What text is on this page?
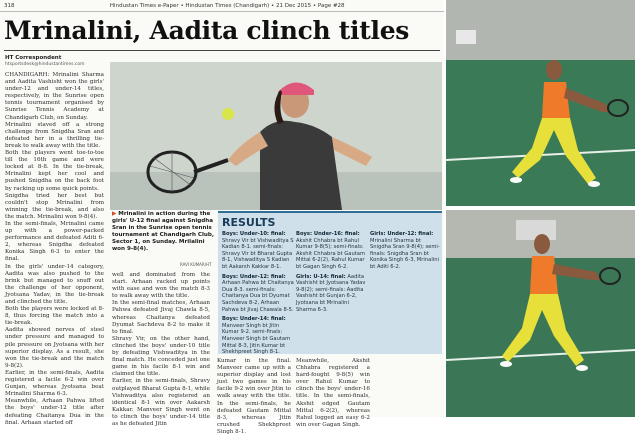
318	Hindustan Times e-Paper • Hindustan Times (Chandigarh) • 21 Dec 2015 • Page #28
Mrinalini, Aadita clinch titles
HT Correspondent
htsportsdesk@hindustantimes.com

CHANDIGARH: Mrinalini Sharma and Aadita Vashisht won the girls' under-12 and under-14 titles, respectively, in the Sunrise open tennis tournament organised by Sunrise Tennis Academy at Chandigarh Club, on Sunday.

Mrinalini staved off a strong challenge from Snigdha Sran and defeated her in a thrilling tie-break to walk away with the title.

Both the players went toe-to-toe till the 16th game and were locked at 8-8. In the tie-break, Mrinalini kept her cool and pushed Snigdha on the back foot by racking up some quick points.

Snigdha tried her best but couldn't stop Mrinalini from winning the tie-break, and also the match. Mrinalini won 9-8(4).

In the semi-finals, Mrinalini came up with a power-packed performance and defeated Aditi 6-2, whereas Snigdha defeated Konika Singh 6-3 to enter the final.

In the girls' under-14 category, Aadita was also pushed to the brink but managed to snuff out the challenge of her opponent, Jyotsana Yadav, in the tie-break and clinched the title.

Both the players were locked at 8-8, thus forcing the match into a tie-break.

Aadita showed nerves of steel under pressure and managed to pile pressure on Jyotsana with her superior display. As a result, she won the tie-break and the match 9-8(2).

Earlier, in the semi-finals, Aadita registered a facile 6-2 win over Gunjan, whereas Jyotsana beat Mrinalini Sharma 6-3.

Meanwhile, Arhaan Pahwa lifted the boys' under-12 title after defeating Chaitanya Dua in the final. Arhaan started off

▶ Mrinalini in action during the girls' U-12 final against Snigdha Sran in the Sunrise open tennis tournament at Chandigarh Club, Sector 1, on Sunday. Mrilalini won 9-8(4).
RAVI KUMAR/HT

well and dominated from the start. Arhaan racked up points with ease and won the match 8-3 to walk away with the title.

In the semi-final matches, Arhaan Pahwa defeated Jivaj Chawla 8-5, whereas Chaitanya defeated Dyumat Sachdeva 8-2 to make it to final.

Shravy Vir, on the other hand, clinched the boys' under-10 title by defeating Vishwaditya in the final match. He conceded just one game in his facile 8-1 win and claimed the title.

Earlier, in the semi-finals, Shravy outplayed Bharat Gupta 8-1, while Vishwaditya also registered an identical 8-1 win over Aakarsh Kakkar. Manveer Singh went on to clinch the boys' under-14 title as he defeated Jitin

RESULTS

Boys: Under-10: final: Shravy Vir bt Vishwaditya S Kadian 8-1. semi-finals: Shravy Vir bt Bharat Gupta 8-1, Vishwaditya S Kadian bt Aakarsh Kakkar 8-1.

Boys: Under-12: final: Arhaan Pahwa bt Chaitanya Dua 8-3. semi-finals: Chaitanya Dua bt Dyumat Sachdeva 8-2, Arhaan Pahwa bt Jivaj Chawala 8-5.

Boys: Under-14: final: Manveer Singh bt Jitin Kumar 9-2. semi-finals: Manveer Singh bt Gautam Mittal 8-3, Jitin Kumar bt Shekhpreet Singh 8-1.

Boys: Under-16: final: Akshit Chhabra bt Rahul Kumar 9-8(5); semi-finals: Akshit Chhabra bt Gautam Mittal 6-2(2), Rahul Kumar bt Gagan Singh 6-2.

Girls: U-14: final: Aadita Vashisht bt Jyotsana Yadav 9-8(2); semi-finals: Aadita Vashisht bt Gunjan 6-2, Jyotsana bt Mrinalini Sharma 6-3.

Girls: Under-12: final: Mrinalini Sharma bt Snigdha Sran 9-8(4); semi-finals: Snigdha Sran bt Konika Singh 6-3, Mrinalini bt Aditi 6-2.

Kumar in the final. Manveer came up with a superior display and lost just two games in his facile 9-2 win over Jitin to walk away with the title. In the semi-finals, he defeated Gautam Mittal 8-3, whereas Jitin crushed Shekhpreet Singh 8-1.
Meanwhile, Akshit Chhabra registered a hard-fought 9-8(5) win over Rahul Kumar to clinch the boys' under-16 title. In the semi-finals, Akshit edged Gautam Mittal 6-2(2), whereas Rahul logged an easy 6-2 win over Gagan Singh.
